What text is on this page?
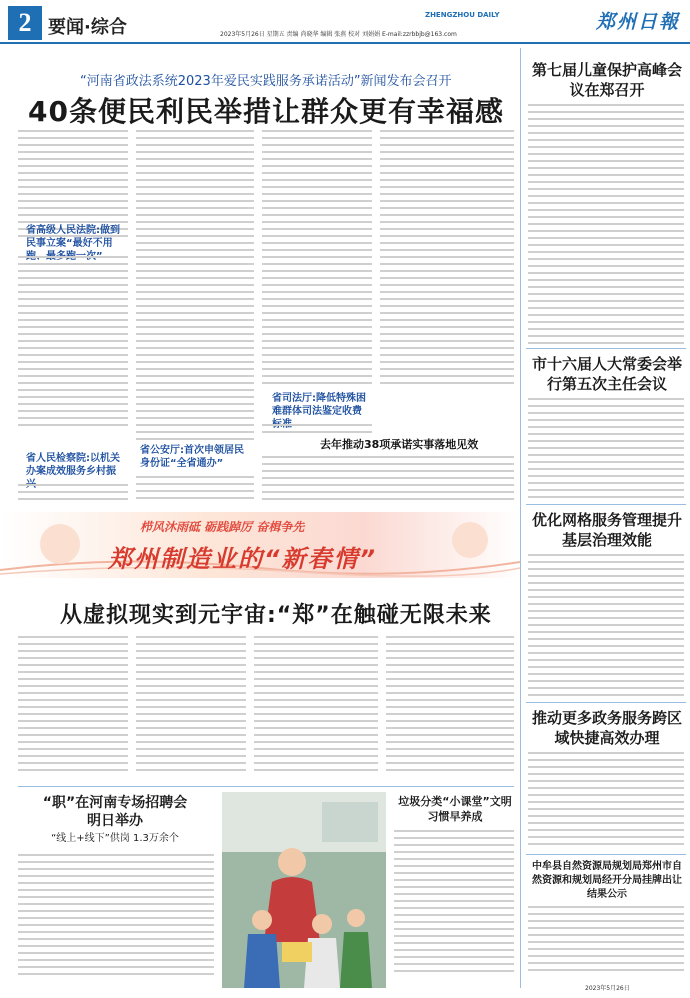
2 要闻·综合	2023年5月26日 星期五 责编 尚晓华 编辑 张燕 校对 刘娟娟 E-mail:zzrbbjb@163.com
ZHENGZHOU DAILY	郑州日報
“河南省政法系统2023年爱民实践服务承诺活动”新闻发布会召开
40条便民利民举措让群众更有幸福感
省高级人民法院:做到民事立案“最好不用
省人民检察院:以机关办案成效服务乡村振
省公安厅:首次申领居民身份证“全省通办”
省司法厅:降低特殊困难群体司法鉴定收费
去年推动38项承诺实事落地见效
栉风沐雨砥 砺践踔厉 奋楫争先
郑州制造业的“新春情”
从虚拟现实到元宇宙:“郑”在触碰无限未来
“职”在河南专场招聘会明日举办
“线上+线下”供岗 1.3万余个
垃圾分类“小课堂”文明习惯早养成
第七届儿童保护高峰会议在郑召开
市十六届人大常委会举行第五次主任会议
优化网格服务管理提升基层治理效能
推动更多政务服务跨区域快捷高效办理
中牟县自然资源局规划局郑州市自然资源和规划局经开分局挂牌出让结果公示
2023年5月26日
